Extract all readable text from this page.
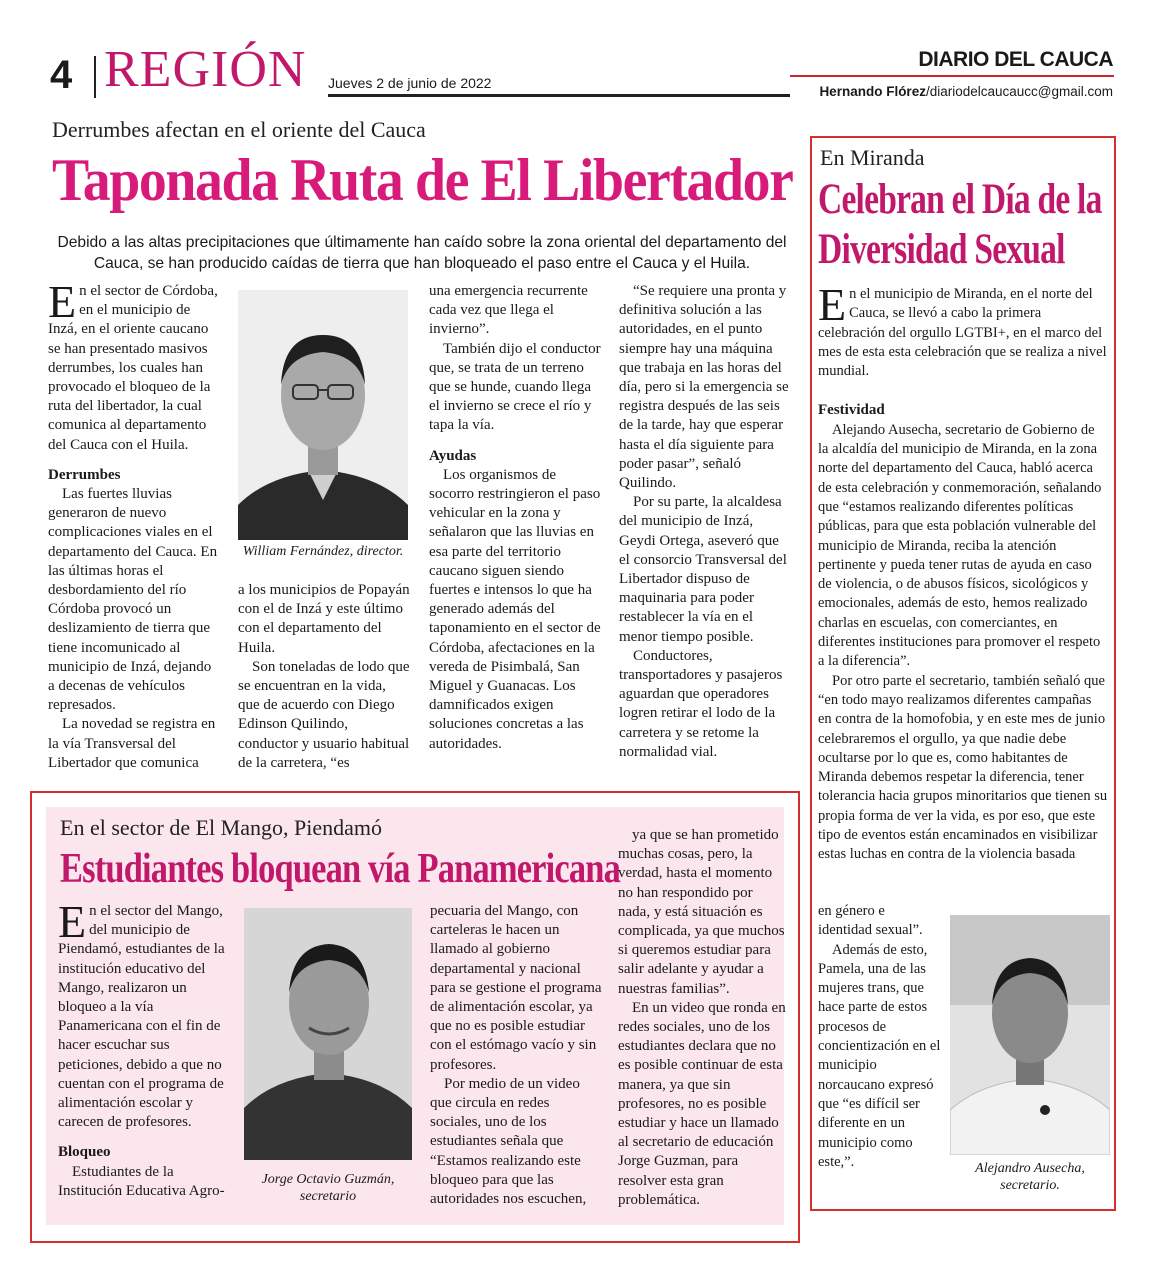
4 REGIÓN Jueves 2 de junio de 2022
DIARIO DEL CAUCA
Hernando Flórez/diariodelcaucaucc@gmail.com
Derrumbes afectan en el oriente del Cauca
Taponada Ruta de El Libertador
Debido a las altas precipitaciones que últimamente han caído sobre la zona oriental del departamento del Cauca, se han producido caídas de tierra que han bloqueado el paso entre el Cauca y el Huila.

En el sector de Córdoba, en el municipio de Inzá, en el oriente caucano se han presentado masivos derrumbes, los cuales han provocado el bloqueo de la ruta del libertador, la cual comunica al departamento del Cauca con el Huila.

Derrumbes

Las fuertes lluvias generaron de nuevo complicaciones viales en el departamento del Cauca. En las últimas horas el desbordamiento del río Córdoba provocó un deslizamiento de tierra que tiene incomunicado al municipio de Inzá, dejando a decenas de vehículos represados.

La novedad se registra en la vía Transversal del Libertador que comunica

William Fernández, director.

a los municipios de Popayán con el de Inzá y este último con el departamento del Huila.

Son toneladas de lodo que se encuentran en la vida, que de acuerdo con Diego Edinson Quilindo, conductor y usuario habitual de la carretera, “es

una emergencia recurrente cada vez que llega el invierno”.

También dijo el conductor que, se trata de un terreno que se hunde, cuando llega el invierno se crece el río y tapa la vía.

Ayudas

Los organismos de socorro restringieron el paso vehicular en la zona y señalaron que las lluvias en esa parte del territorio caucano siguen siendo fuertes e intensos lo que ha generado además del taponamiento en el sector de Córdoba, afectaciones en la vereda de Pisimbalá, San Miguel y Guanacas. Los damnificados exigen soluciones concretas a las autoridades.

“Se requiere una pronta y definitiva solución a las autoridades, en el punto siempre hay una máquina que trabaja en las horas del día, pero si la emergencia se registra después de las seis de la tarde, hay que esperar hasta el día siguiente para poder pasar”, señaló Quilindo.

Por su parte, la alcaldesa del municipio de Inzá, Geydi Ortega, aseveró que el consorcio Transversal del Libertador dispuso de maquinaria para poder restablecer la vía en el menor tiempo posible.

Conductores, transportadores y pasajeros aguardan que operadores logren retirar el lodo de la carretera y se retome la normalidad vial.

En el sector de El Mango, Piendamó
Estudiantes bloquean vía Panamericana

En el sector del Mango, del municipio de Piendamó, estudiantes de la institución educativo del Mango, realizaron un bloqueo a la vía Panamericana con el fin de hacer escuchar sus peticiones, debido a que no cuentan con el programa de alimentación escolar y carecen de profesores.

Bloqueo

Estudiantes de la Institución Educativa Agro-

Jorge Octavio Guzmán, secretario

pecuaria del Mango, con carteleras le hacen un llamado al gobierno departamental y nacional para se gestione el programa de alimentación escolar, ya que no es posible estudiar con el estómago vacío y sin profesores.

Por medio de un video que circula en redes sociales, uno de los estudiantes señala que “Estamos realizando este bloqueo para que las autoridades nos escuchen,

ya que se han prometido muchas cosas, pero, la verdad, hasta el momento no han respondido por nada, y está situación es complicada, ya que muchos si queremos estudiar para salir adelante y ayudar a nuestras familias”.

En un video que ronda en redes sociales, uno de los estudiantes declara que no es posible continuar de esta manera, ya que sin profesores, no es posible estudiar y hace un llamado al secretario de educación Jorge Guzman, para resolver esta gran problemática.

En Miranda
Celebran el Día de la
Diversidad Sexual

En el municipio de Miranda, en el norte del Cauca, se llevó a cabo la primera celebración del orgullo LGTBI+, en el marco del mes de esta esta celebración que se realiza a nivel mundial.

Festividad

Alejando Ausecha, secretario de Gobierno de la alcaldía del municipio de Miranda, en la zona norte del departamento del Cauca, habló acerca de esta celebración y conmemoración, señalando que “estamos realizando diferentes políticas públicas, para que esta población vulnerable del municipio de Miranda, reciba la atención pertinente y pueda tener rutas de ayuda en caso de violencia, o de abusos físicos, sicológicos y emocionales, además de esto, hemos realizado charlas en escuelas, con comerciantes, en diferentes instituciones para promover el respeto a la diferencia”.

Por otro parte el secretario, también señaló que “en todo mayo realizamos diferentes campañas en contra de la homofobia, y en este mes de junio celebraremos el orgullo, ya que nadie debe ocultarse por lo que es, como habitantes de Miranda debemos respetar la diferencia, tener tolerancia hacia grupos minoritarios que tienen su propia forma de ver la vida, es por eso, que este tipo de eventos están encaminados en visibilizar estas luchas en contra de la violencia basada

en género e identidad sexual”.

Además de esto, Pamela, una de las mujeres trans, que hace parte de estos procesos de concientización en el municipio norcaucano expresó que “es difícil ser diferente en un municipio como este,”.	Alejandro Ausecha, secretario.
